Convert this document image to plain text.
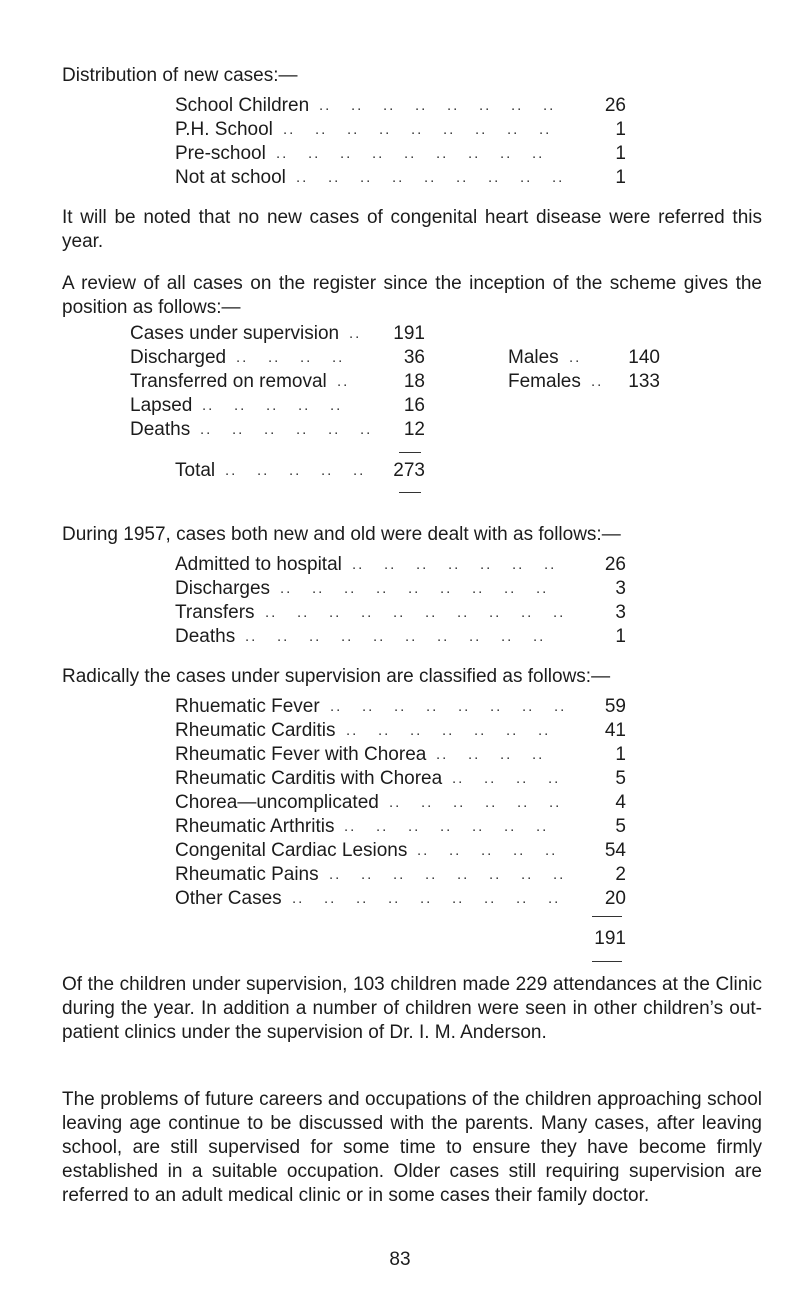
Distribution of new cases:—
School Children	26
.. .. .. .. .. .. .. ..
P.H. School	1
.. .. .. .. .. .. .. .. ..
Pre-school	1
.. .. .. .. .. .. .. .. ..
Not at school	1
.. .. .. .. .. .. .. .. ..

It will be noted that no new cases of congenital heart disease were referred this year.

A review of all cases on the register since the inception of the scheme gives the position as follows:—

Cases under supervision	191
..
Discharged	36
.. .. .. ..
Transferred on removal	18
..
Lapsed	16
.. .. .. .. ..
Deaths	12
.. .. .. .. .. ..
Total	273
.. .. .. .. ..
Males	140
..
Females	133
..

During 1957, cases both new and old were dealt with as follows:—

Admitted to hospital	26
.. .. .. .. .. .. ..
Discharges	3
.. .. .. .. .. .. .. .. ..
Transfers	3
.. .. .. .. .. .. .. .. .. ..
Deaths	1
.. .. .. .. .. .. .. .. .. ..

Radically the cases under supervision are classified as follows:—

Rhuematic Fever	59
.. .. .. .. .. .. .. ..
Rheumatic Carditis	41
.. .. .. .. .. .. ..
Rheumatic Fever with Chorea	1
.. .. .. ..
Rheumatic Carditis with Chorea	5
.. .. .. ..
Chorea—uncomplicated	4
.. .. .. .. .. ..
Rheumatic Arthritis	5
.. .. .. .. .. .. ..
Congenital Cardiac Lesions	54
.. .. .. .. ..
Rheumatic Pains	2
.. .. .. .. .. .. .. ..
Other Cases	20
.. .. .. .. .. .. .. .. ..
191

Of the children under supervision, 103 children made 229 attendances at the Clinic during the year. In addition a number of children were seen in other children’s out-patient clinics under the supervision of Dr. I. M. Anderson.

The problems of future careers and occupations of the children approaching school leaving age continue to be discussed with the parents. Many cases, after leaving school, are still supervised for some time to ensure they have become firmly established in a suitable occupation. Older cases still requiring supervision are referred to an adult medical clinic or in some cases their family doctor.

83
